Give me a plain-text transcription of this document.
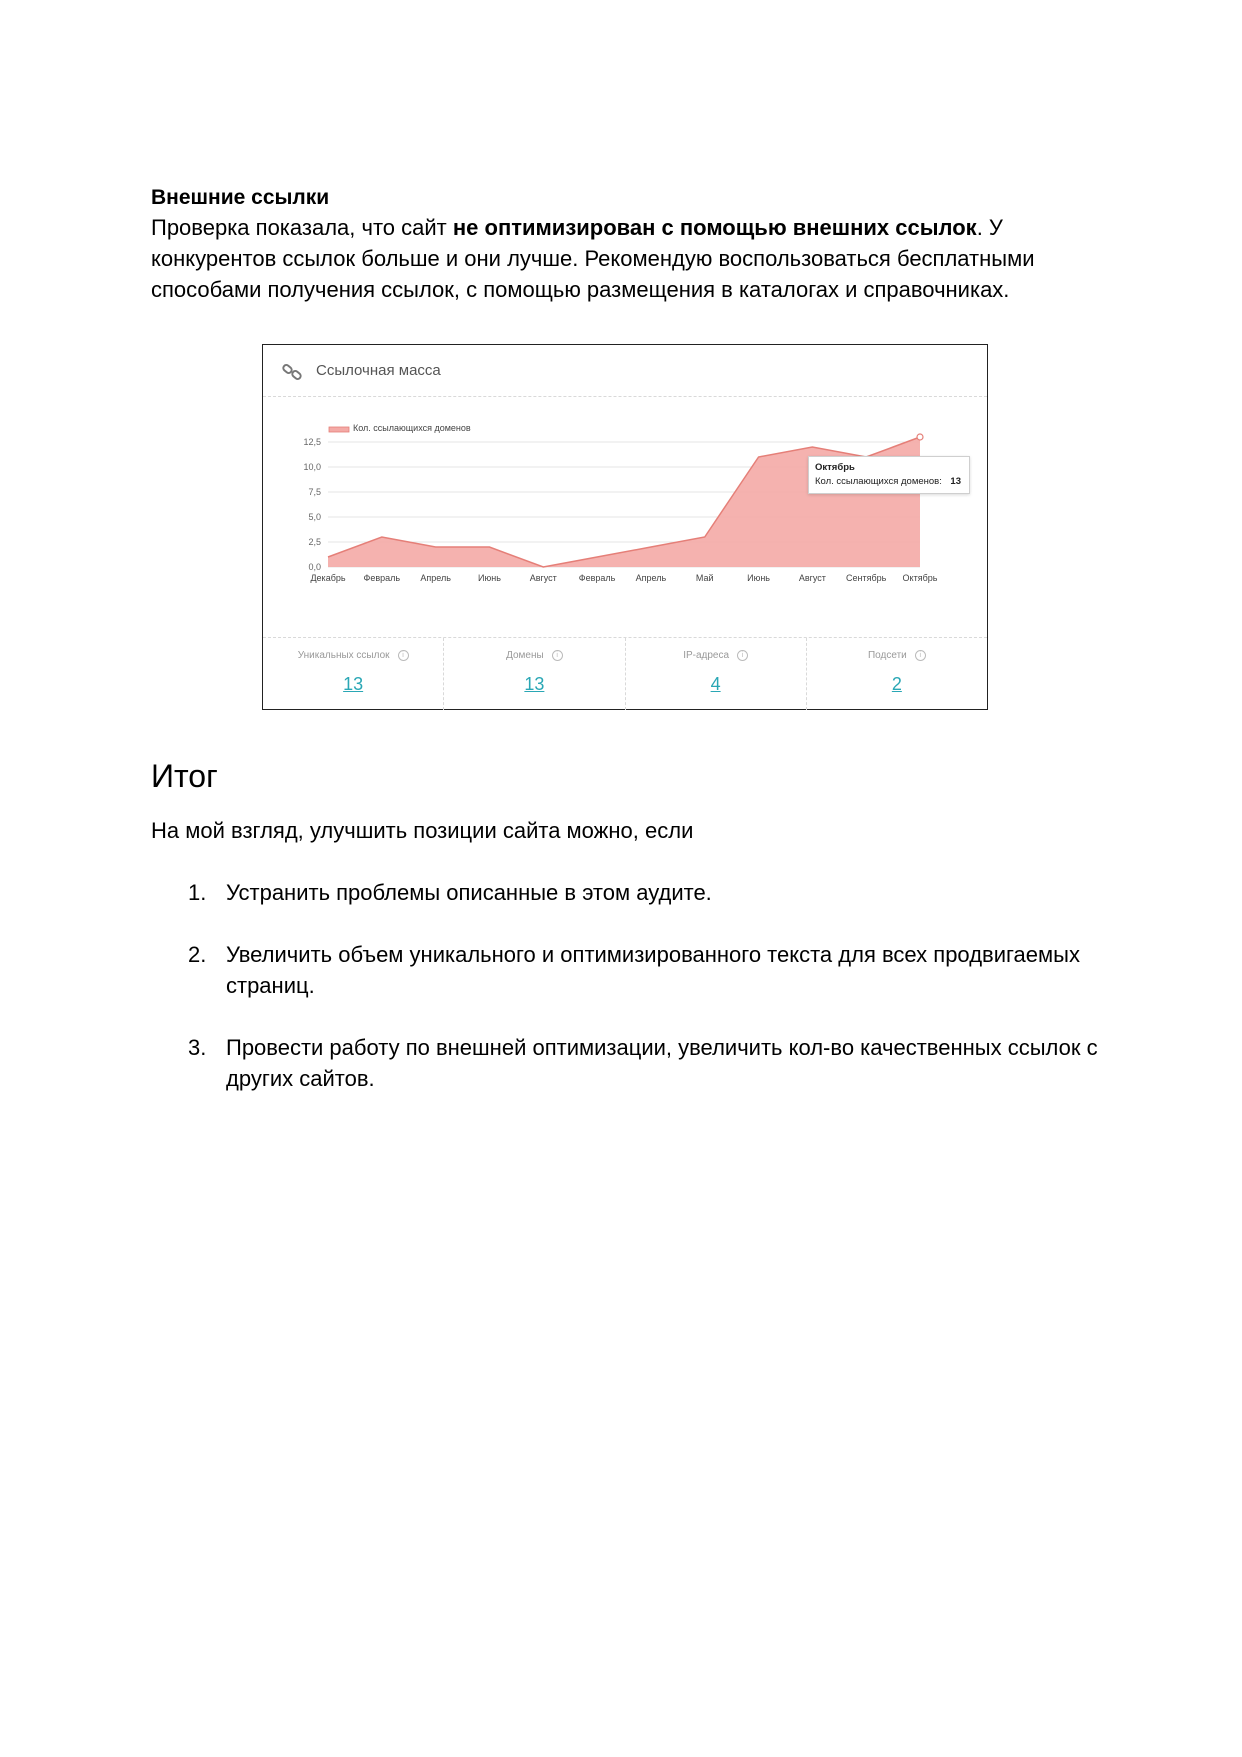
Внешние ссылки
Проверка показала, что сайт не оптимизирован с помощью внешних ссылок. У конкурентов ссылок больше и они лучше. Рекомендую воспользоваться бесплатными способами получения ссылок, с помощью размещения в каталогах и справочниках.
Ссылочная масса
0,0
2,5
5,0
7,5
10,0
12,5
Декабрь Февраль Апрель	Июнь	Август Февраль Апрель	Май	Июнь	Август Сентябрь Октябрь
Кол. ссылающихся доменов
Октябрь
Кол. ссылающихся доменов: 13
Уникальных ссылок i
13
Домены i
13
IP-адреса i
4
Подсети i
2
Итог
На мой взгляд, улучшить позиции сайта можно, если
1. Устранить проблемы описанные в этом аудите.
2. Увеличить объем уникального и оптимизированного текста для всех продвигаемых страниц.
3. Провести работу по внешней оптимизации, увеличить кол-во качественных ссылок с других сайтов.
